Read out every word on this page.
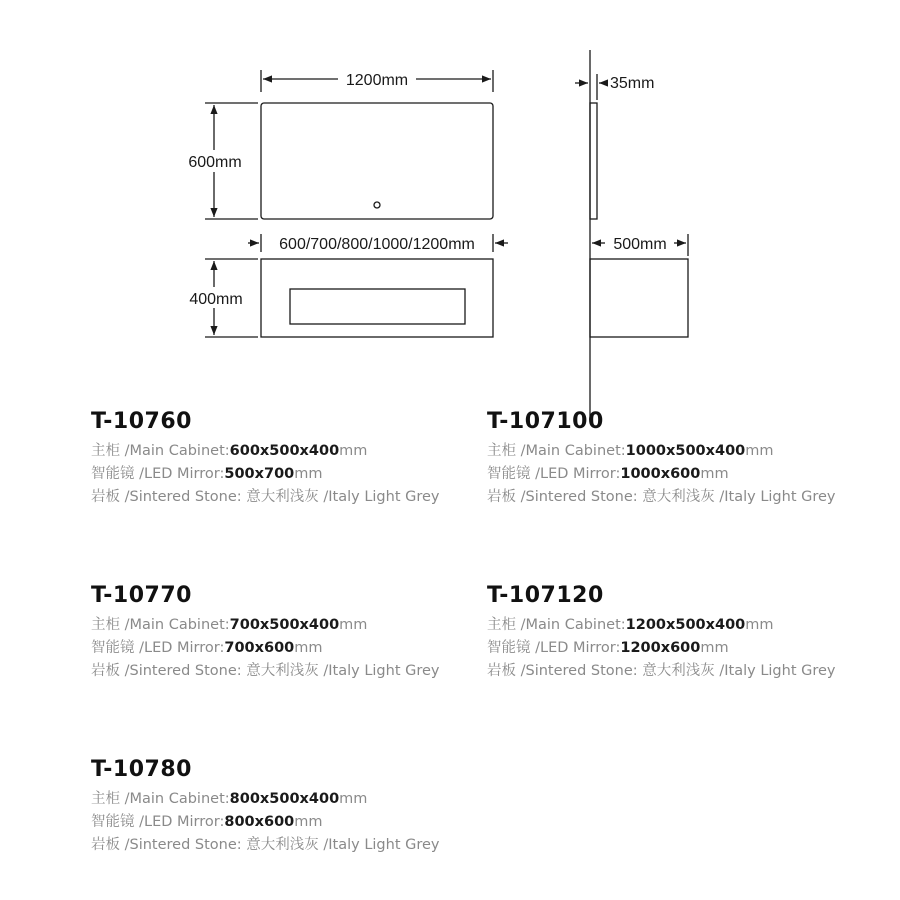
1200mm
600mm
600/700/800/1000/1200mm
400mm
35mm
500mm
T-10760
主柜 /Main Cabinet:600x500x400mm
智能镜 /LED Mirror:500x700mm
岩板 /Sintered Stone: 意大利浅灰 /Italy Light Grey
T-107100
主柜 /Main Cabinet:1000x500x400mm
智能镜 /LED Mirror:1000x600mm
岩板 /Sintered Stone: 意大利浅灰 /Italy Light Grey
T-10770
主柜 /Main Cabinet:700x500x400mm
智能镜 /LED Mirror:700x600mm
岩板 /Sintered Stone: 意大利浅灰 /Italy Light Grey
T-107120
主柜 /Main Cabinet:1200x500x400mm
智能镜 /LED Mirror:1200x600mm
岩板 /Sintered Stone: 意大利浅灰 /Italy Light Grey
T-10780
主柜 /Main Cabinet:800x500x400mm
智能镜 /LED Mirror:800x600mm
岩板 /Sintered Stone: 意大利浅灰 /Italy Light Grey
